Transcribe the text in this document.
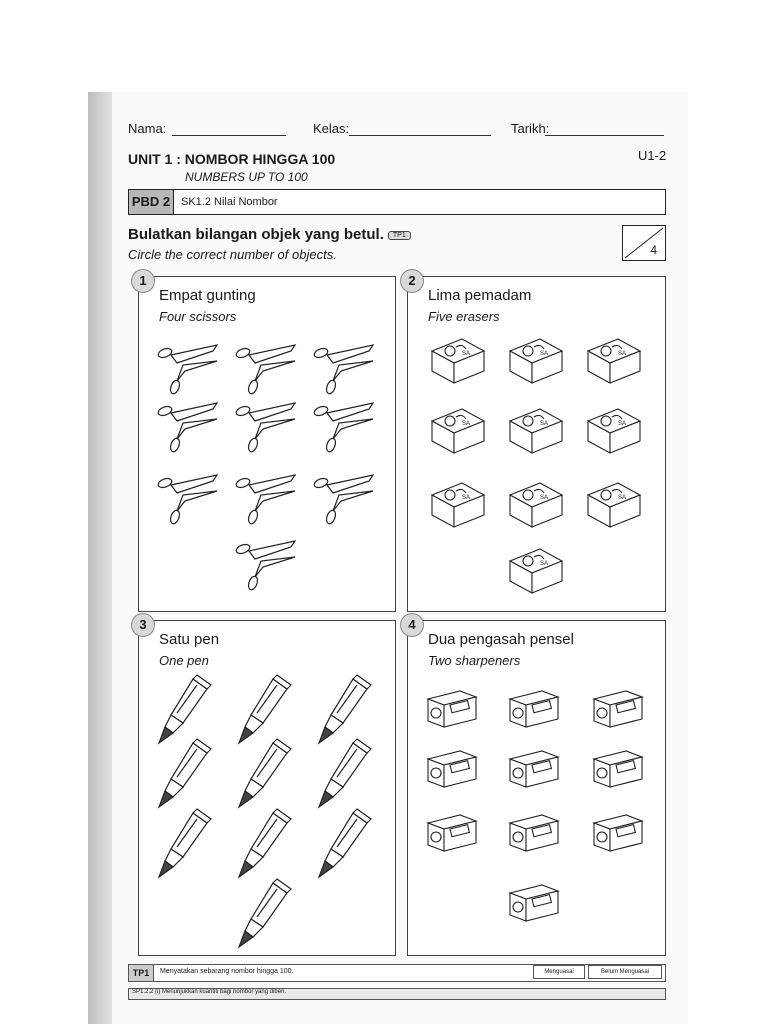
Nama:	Kelas:	Tarikh:
UNIT 1 : NOMBOR HINGGA 100
NUMBERS UP TO 100
U1-2
PBD 2 SK1.2 Nilai Nombor
Bulatkan bilangan objek yang betul. TP1
Circle the correct number of objects.	4
1
Empat gunting
Four scissors
2
Lima pemadam
Five erasers
SA	SA	SA
SA	SA	SA
SA	SA	SA
SA
3
Satu pen
One pen
4
Dua pengasah pensel
Two sharpeners
TP1	Menyatakan sebarang nombor hingga 100.	Menguasai	Belum Menguasai
SP1.2.2 (i) Menunjukkan kuantiti bagi nombor yang diberi.
